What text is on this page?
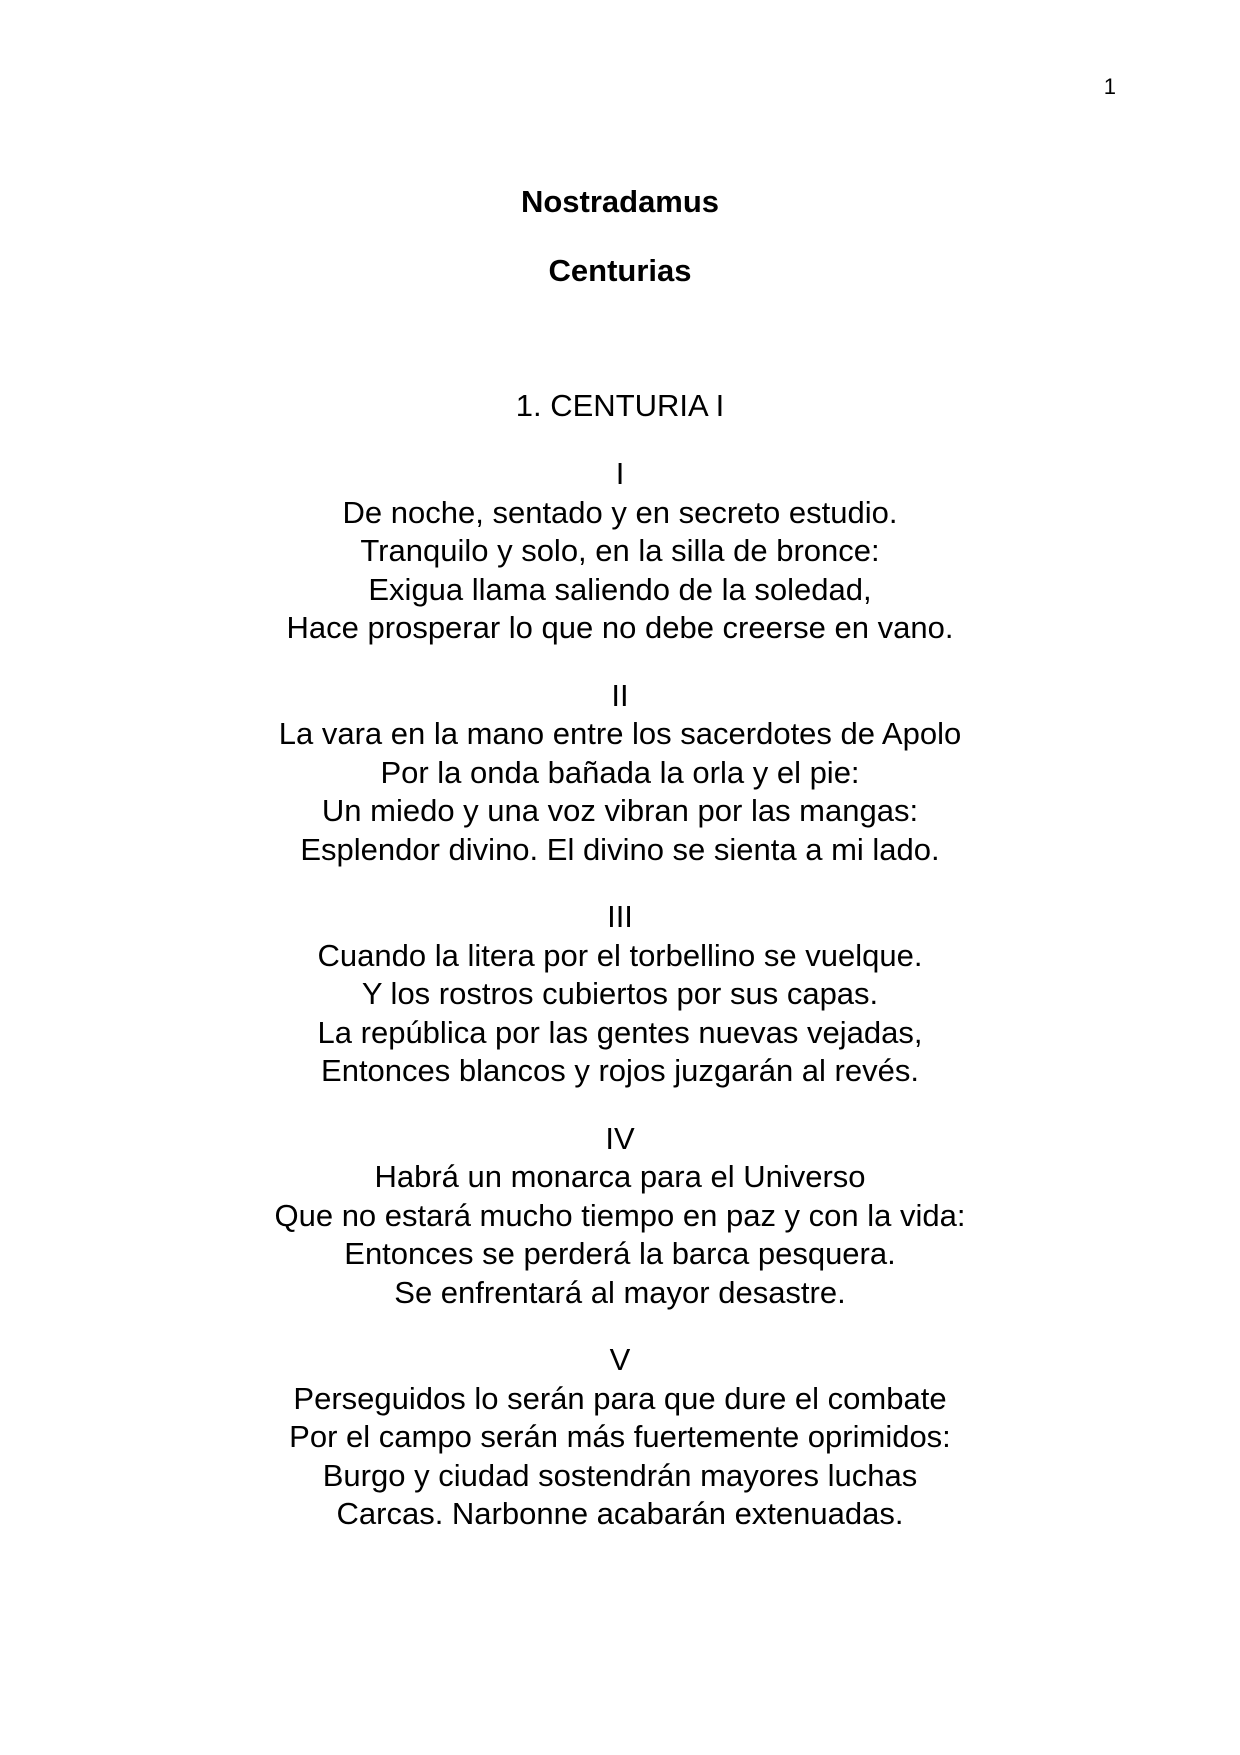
1
Nostradamus
Centurias
1. CENTURIA I
I
De noche, sentado y en secreto estudio.
Tranquilo y solo, en la silla de bronce:
Exigua llama saliendo de la soledad,
Hace prosperar lo que no debe creerse en vano.
II
La vara en la mano entre los sacerdotes de Apolo
Por la onda bañada la orla y el pie:
Un miedo y una voz vibran por las mangas:
Esplendor divino. El divino se sienta a mi lado.
III
Cuando la litera por el torbellino se vuelque.
Y los rostros cubiertos por sus capas.
La república por las gentes nuevas vejadas,
Entonces blancos y rojos juzgarán al revés.
IV
Habrá un monarca para el Universo
Que no estará mucho tiempo en paz y con la vida:
Entonces se perderá la barca pesquera.
Se enfrentará al mayor desastre.
V
Perseguidos lo serán para que dure el combate
Por el campo serán más fuertemente oprimidos:
Burgo y ciudad sostendrán mayores luchas
Carcas. Narbonne acabarán extenuadas.
